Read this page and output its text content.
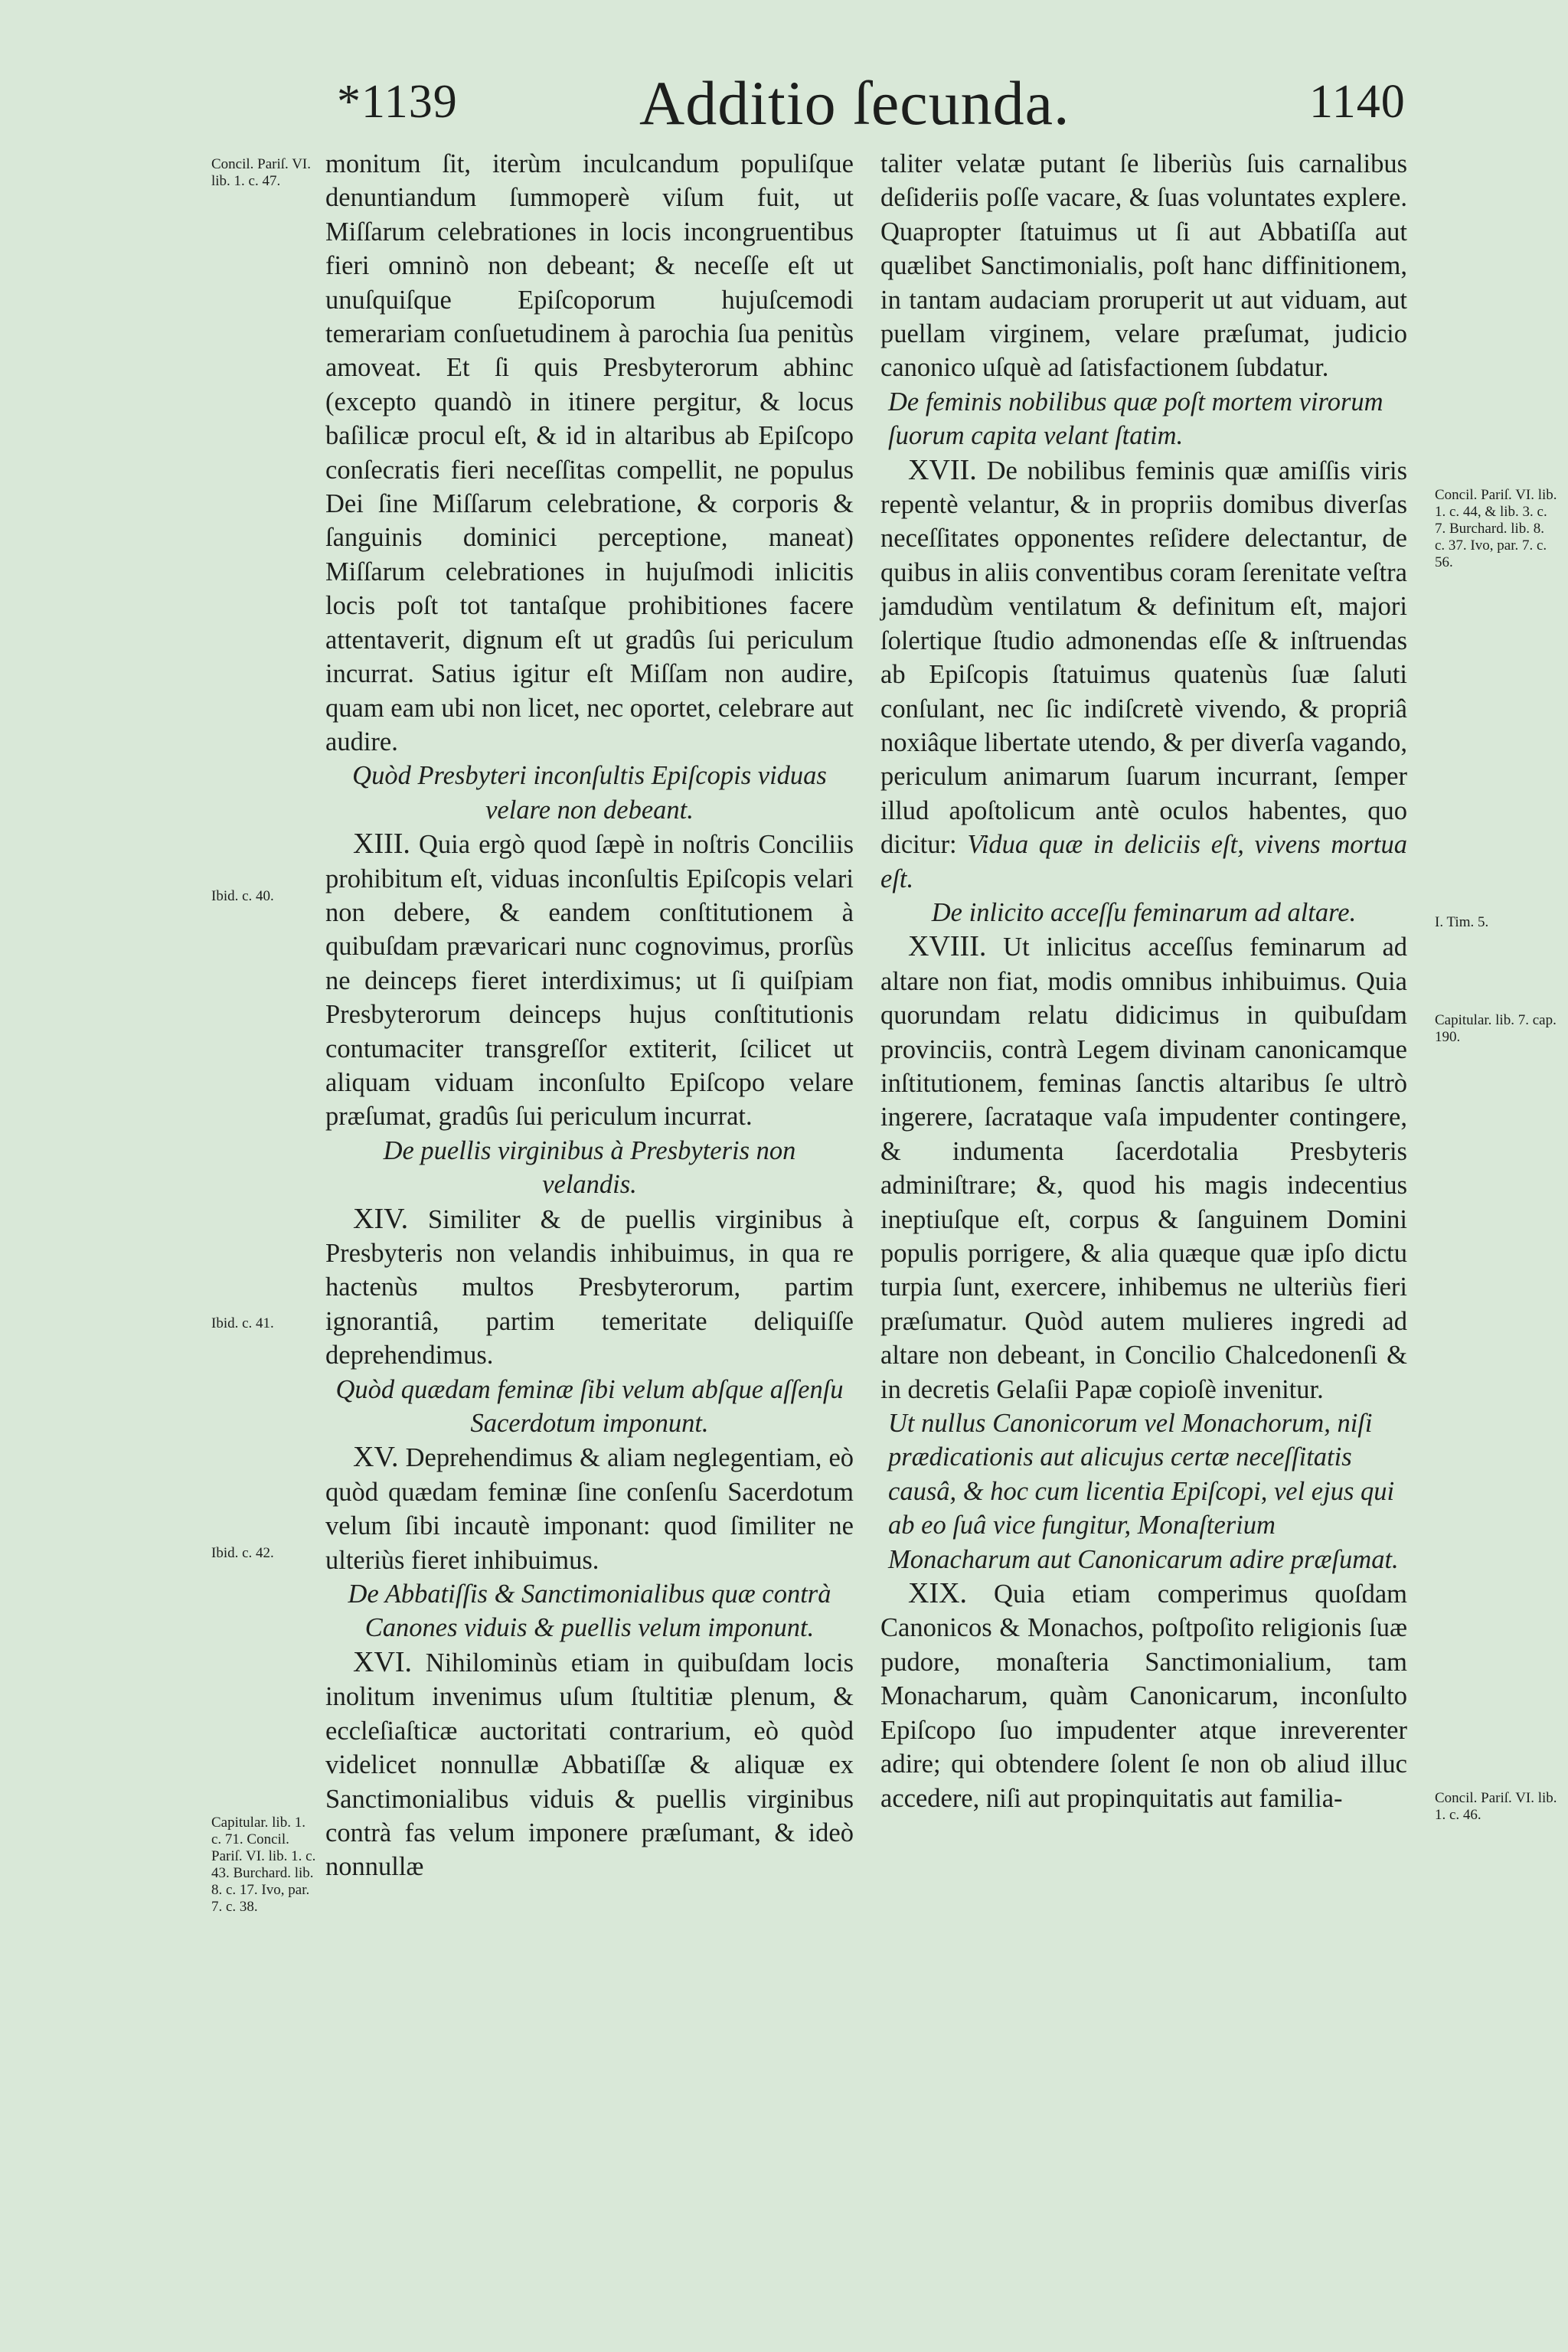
*1139	Additio ſecunda.	1140
Concil. Pariſ. VI. lib. 1. c. 47.
Ibid. c. 40.
Ibid. c. 41.
Ibid. c. 42.
Capitular. lib. 1. c. 71. Concil. Pariſ. VI. lib. 1. c. 43. Burchard. lib. 8. c. 17. Ivo, par. 7. c. 38.
Concil. Pariſ. VI. lib. 1. c. 44, & lib. 3. c. 7. Burchard. lib. 8. c. 37. Ivo, par. 7. c. 56.
I. Tim. 5.
Capitular. lib. 7. cap. 190.
Concil. Pariſ. VI. lib. 1. c. 46.

monitum ſit, iterùm inculcandum populiſque denuntiandum ſummoperè viſum fuit, ut Miſſarum celebrationes in locis incongruentibus fieri omninò non debeant; & neceſſe eſt ut unuſquiſque Epiſcoporum hujuſcemodi temerariam conſuetudinem à parochia ſua penitùs amoveat. Et ſi quis Presbyterorum abhinc (excepto quandò in itinere pergitur, & locus baſilicæ procul eſt, & id in altaribus ab Epiſcopo conſecratis fieri neceſſitas compellit, ne populus Dei ſine Miſſarum celebratione, & corporis & ſanguinis dominici perceptione, maneat) Miſſarum celebrationes in hujuſmodi inlicitis locis poſt tot tantaſque prohibitiones facere attentaverit, dignum eſt ut gradûs ſui periculum incurrat. Satius igitur eſt Miſſam non audire, quam eam ubi non licet, nec oportet, celebrare aut audire.

Quòd Presbyteri inconſultis Epiſcopis viduas velare non debeant.

XIII. Quia ergò quod ſæpè in noſtris Conciliis prohibitum eſt, viduas inconſultis Epiſcopis velari non debere, & eandem conſtitutionem à quibuſdam prævaricari nunc cognovimus, prorſùs ne deinceps fieret interdiximus; ut ſi quiſpiam Presbyterorum deinceps hujus conſtitutionis contumaciter transgreſſor extiterit, ſcilicet ut aliquam viduam inconſulto Epiſcopo velare præſumat, gradûs ſui periculum incurrat.

De puellis virginibus à Presbyteris non velandis.

XIV. Similiter & de puellis virginibus à Presbyteris non velandis inhibuimus, in qua re hactenùs multos Presbyterorum, partim ignorantiâ, partim temeritate deliquiſſe deprehendimus.

Quòd quædam feminæ ſibi velum abſque aſſenſu Sacerdotum imponunt.

XV. Deprehendimus & aliam neglegentiam, eò quòd quædam feminæ ſine conſenſu Sacerdotum velum ſibi incautè imponant: quod ſimiliter ne ulteriùs fieret inhibuimus.

De Abbatiſſis & Sanctimonialibus quæ contrà Canones viduis & puellis velum imponunt.

XVI. Nihilominùs etiam in quibuſdam locis inolitum invenimus uſum ſtultitiæ plenum, & eccleſiaſticæ auctoritati contrarium, eò quòd videlicet nonnullæ Abbatiſſæ & aliquæ ex Sanctimonialibus viduis & puellis virginibus contrà fas velum imponere præſumant, & ideò nonnullæ

taliter velatæ putant ſe liberiùs ſuis carnalibus deſideriis poſſe vacare, & ſuas voluntates explere. Quapropter ſtatuimus ut ſi aut Abbatiſſa aut quælibet Sanctimonialis, poſt hanc diffinitionem, in tantam audaciam proruperit ut aut viduam, aut puellam virginem, velare præſumat, judicio canonico uſquè ad ſatisfactionem ſubdatur.

De feminis nobilibus quæ poſt mortem virorum ſuorum capita velant ſtatim.

XVII. De nobilibus feminis quæ amiſſis viris repentè velantur, & in propriis domibus diverſas neceſſitates opponentes reſidere delectantur, de quibus in aliis conventibus coram ſerenitate veſtra jamdudùm ventilatum & definitum eſt, majori ſolertique ſtudio admonendas eſſe & inſtruendas ab Epiſcopis ſtatuimus quatenùs ſuæ ſaluti conſulant, nec ſic indiſcretè vivendo, & propriâ noxiâque libertate utendo, & per diverſa vagando, periculum animarum ſuarum incurrant, ſemper illud apoſtolicum antè oculos habentes, quo dicitur: Vidua quæ in deliciis eſt, vivens mortua eſt.

De inlicito acceſſu feminarum ad altare.

XVIII. Ut inlicitus acceſſus feminarum ad altare non fiat, modis omnibus inhibuimus. Quia quorundam relatu didicimus in quibuſdam provinciis, contrà Legem divinam canonicamque inſtitutionem, feminas ſanctis altaribus ſe ultrò ingerere, ſacrataque vaſa impudenter contingere, & indumenta ſacerdotalia Presbyteris adminiſtrare; &, quod his magis indecentius ineptiuſque eſt, corpus & ſanguinem Domini populis porrigere, & alia quæque quæ ipſo dictu turpia ſunt, exercere, inhibemus ne ulteriùs fieri præſumatur. Quòd autem mulieres ingredi ad altare non debeant, in Concilio Chalcedonenſi & in decretis Gelaſii Papæ copioſè invenitur.

Ut nullus Canonicorum vel Monachorum, niſi prædicationis aut alicujus certæ neceſſitatis causâ, & hoc cum licentia Epiſcopi, vel ejus qui ab eo ſuâ vice fungitur, Monaſterium Monacharum aut Canonicarum adire præſumat.

XIX. Quia etiam comperimus quoſdam Canonicos & Monachos, poſtpoſito religionis ſuæ pudore, monaſteria Sanctimonialium, tam Monacharum, quàm Canonicarum, inconſulto Epiſcopo ſuo impudenter atque inreverenter adire; qui obtendere ſolent ſe non ob aliud illuc accedere, niſi aut propinquitatis aut familia-
